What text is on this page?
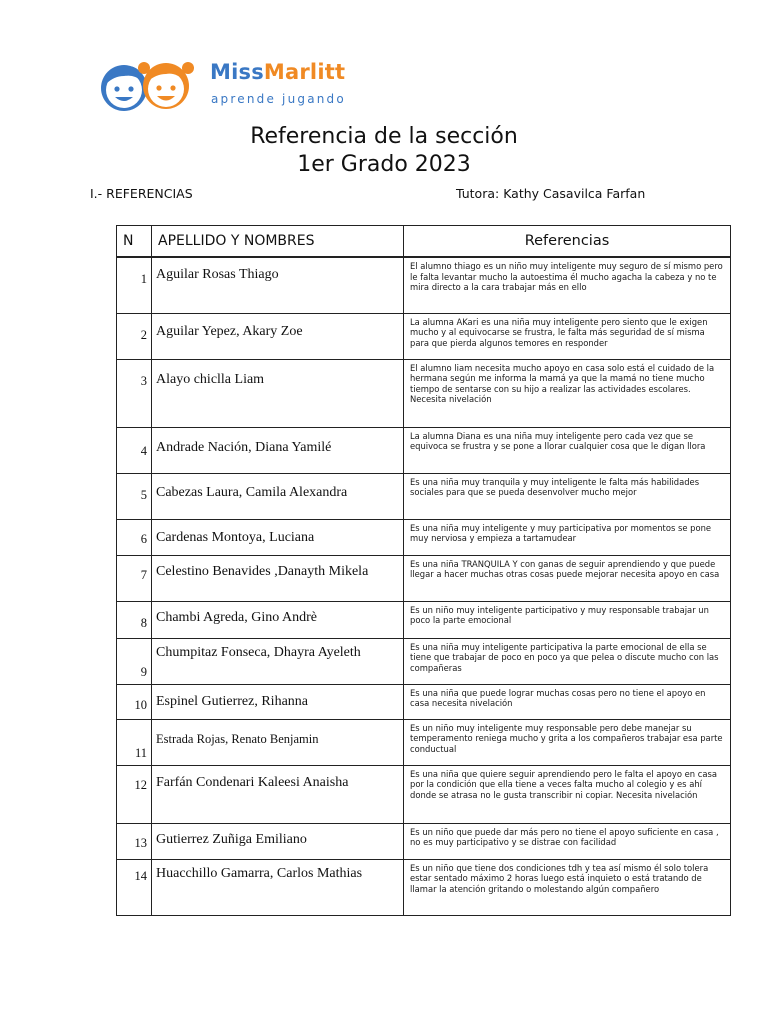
MissMarlitt
aprende jugando
Referencia de la sección
1er Grado 2023
I.- REFERENCIAS	Tutora: Kathy Casavilca Farfan
N	APELLIDO Y NOMBRES	Referencias
1	Aguilar Rosas Thiago	El alumno thiago es un niño muy inteligente muy seguro de sí mismo pero le falta levantar mucho la autoestima él mucho agacha la cabeza y no te mira directo a la cara trabajar más en ello
2	Aguilar Yepez, Akary Zoe	La alumna AKari es una niña muy inteligente pero siento que le exigen mucho y al equivocarse se frustra, le falta más seguridad de sí misma para que pierda algunos temores en responder
3	Alayo chiclla Liam	El alumno liam necesita mucho apoyo en casa solo está el cuidado de la hermana según me informa la mamá ya que la mamá no tiene mucho tiempo de sentarse con su hijo a realizar las actividades escolares. Necesita nivelación
4	Andrade Nación, Diana Yamilé	La alumna Diana es una niña muy inteligente pero cada vez que se equivoca se frustra y se pone a llorar cualquier cosa que le digan llora
5	Cabezas Laura, Camila Alexandra	Es una niña muy tranquila y muy inteligente le falta más habilidades sociales para que se pueda desenvolver mucho mejor
6	Cardenas Montoya, Luciana	Es una niña muy inteligente y muy participativa por momentos se pone muy nerviosa y empieza a tartamudear
7	Celestino Benavides ,Danayth Mikela	Es una niña TRANQUILA Y con ganas de seguir aprendiendo y que puede llegar a hacer muchas otras cosas puede mejorar necesita apoyo en casa
8	Chambi Agreda, Gino Andrè	Es un niño muy inteligente participativo y muy responsable trabajar un poco la parte emocional
9	Chumpitaz Fonseca, Dhayra Ayeleth	Es una niña muy inteligente participativa la parte emocional de ella se tiene que trabajar de poco en poco ya que pelea o discute mucho con las compañeras
10	Espinel Gutierrez, Rihanna	Es una niña que puede lograr muchas cosas pero no tiene el apoyo en casa necesita nivelación
11	Estrada Rojas, Renato Benjamin	Es un niño muy inteligente muy responsable pero debe manejar su temperamento reniega mucho y grita a los compañeros trabajar esa parte conductual
12	Farfán Condenari Kaleesi Anaisha	Es una niña que quiere seguir aprendiendo pero le falta el apoyo en casa por la condición que ella tiene a veces falta mucho al colegio y es ahí donde se atrasa no le gusta transcribir ni copiar. Necesita nivelación
13	Gutierrez Zuñiga Emiliano	Es un niño que puede dar más pero no tiene el apoyo suficiente en casa , no es muy participativo y se distrae con facilidad
14	Huacchillo Gamarra, Carlos Mathias	Es un niño que tiene dos condiciones tdh y tea así mismo él solo tolera estar sentado máximo 2 horas luego está inquieto o está tratando de llamar la atención gritando o molestando algún compañero
